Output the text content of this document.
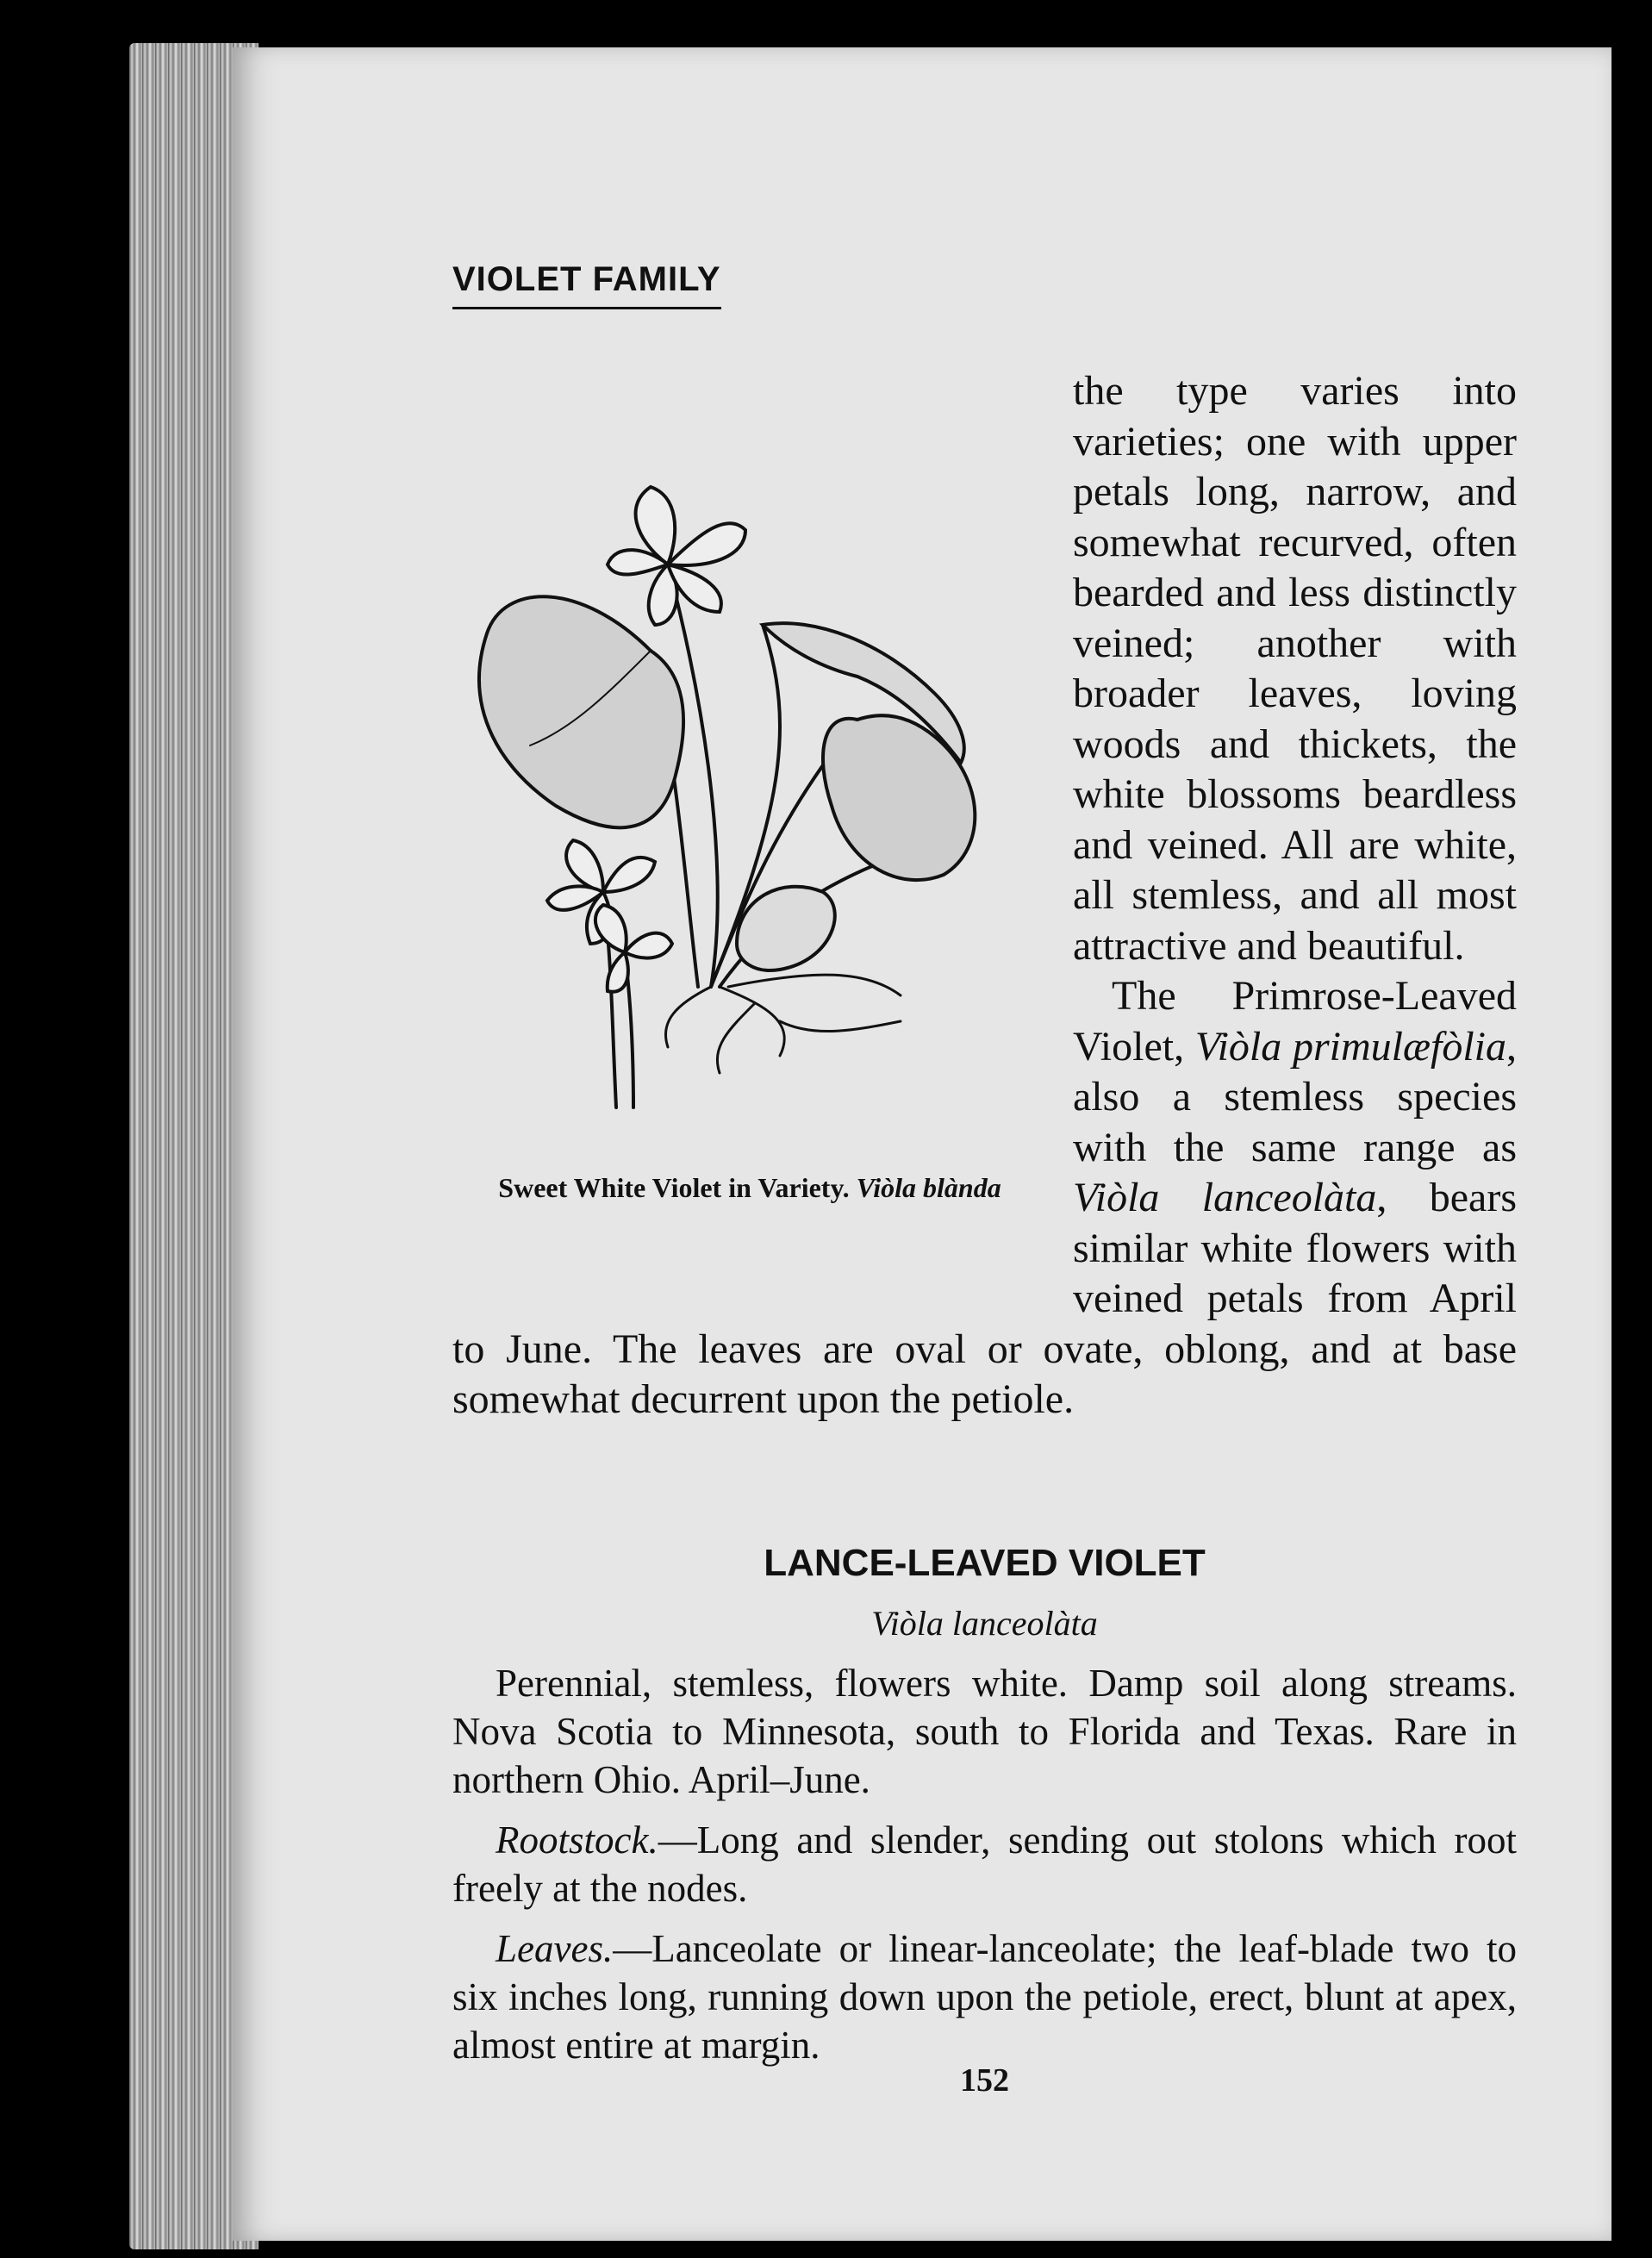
VIOLET FAMILY
Sweet White Violet in Variety. Viòla blànda

the type varies into varieties; one with upper petals long, narrow, and somewhat recurved, often bearded and less distinctly veined; another with broader leaves, loving woods and thickets, the white blossoms beardless and veined. All are white, all stemless, and all most attractive and beautiful.

The Primrose-Leaved Violet, Viòla primulæfòlia, also a stemless species with the same range as Viòla lanceolàta, bears similar white flowers with veined petals from April to June. The leaves are oval or ovate, oblong, and at base somewhat decurrent upon the petiole.

LANCE-LEAVED VIOLET
Viòla lanceolàta

Perennial, stemless, flowers white. Damp soil along streams. Nova Scotia to Minnesota, south to Florida and Texas. Rare in northern Ohio. April–June.

Rootstock.—Long and slender, sending out stolons which root freely at the nodes.

Leaves.—Lanceolate or linear-lanceolate; the leaf-blade two to six inches long, running down upon the petiole, erect, blunt at apex, almost entire at margin.

152
